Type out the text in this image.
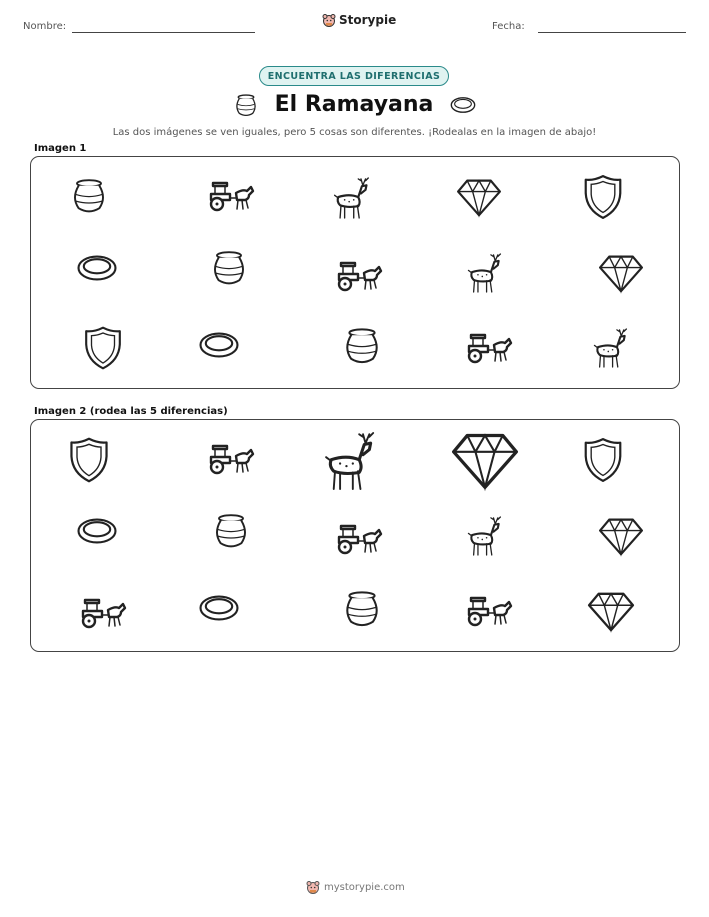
Nombre:	Storypie	Fecha:
ENCUENTRA LAS DIFERENCIAS
El Ramayana
Las dos imágenes se ven iguales, pero 5 cosas son diferentes. ¡Rodealas en la imagen de abajo!
Imagen 1
Imagen 2 (rodea las 5 diferencias)
mystorypie.com
